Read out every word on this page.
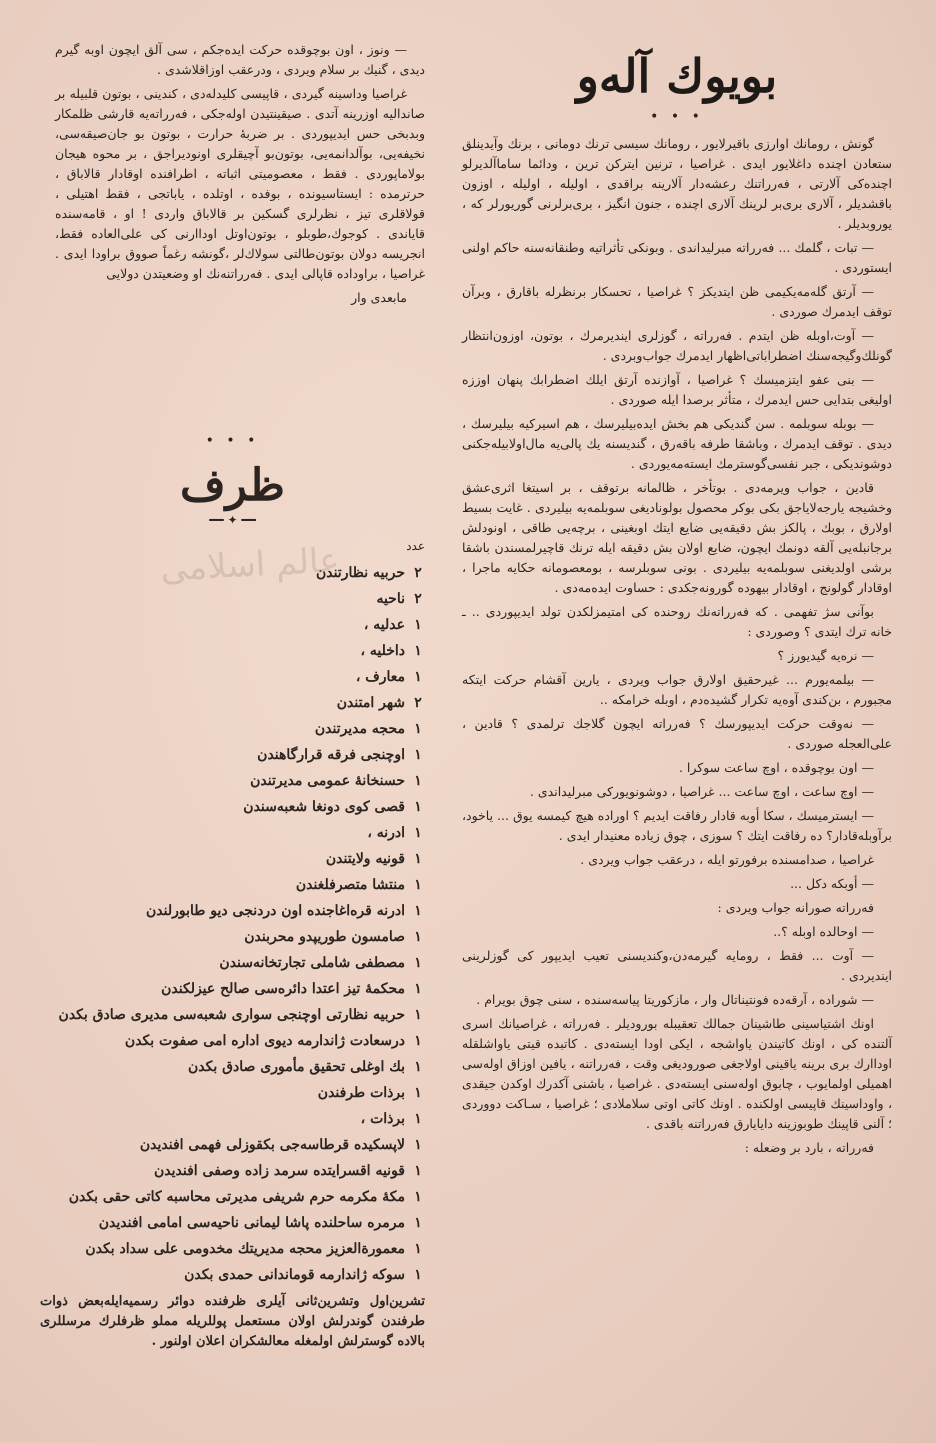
بویوك آله‌و
• • •

گونش ، رومانك اوارزی باقیرلایور ، رومانك سیسی ترنك دومانی ، برنك وآیدینلق ستعادن اچنده داغلایور ایدی . غراصیا ، ترنین ایتركن ترین ، ودائما ساماآلدیرلو اچنده‌کی آلارتی ، فه‌رراتنك رعشه‌دار آلارینه براقدی ، اولیله ، اولیله ، اوزون باقشدیلر ، آلاری بری‌بر لرینك آلاری اچنده ، جنون انگیز ، بری‌برلرنی گوریورلر كه ، یوروبدیلر .

— تبات ، گلمك ... فه‌رراته مبرلیداندی . وبونكی تأثراتیه وطنقانه‌سنه حاكم اولنی ایستوردی .

— آرتق گله‌مه‌یکیمی ظن ایتدیکز ؟ غراصیا ، تحسكار برنظرله باقارق ، وبرآن توقف ایدمرك صوردی .

— آوت،اوبله ظن ایتدم . فه‌رراته ، گوزلری ایندیرمرك ، بوتون، اوزون‌انتظار گونلك‌وگیجه‌سنك اضطراباتی‌اظهار ایدمرك جواب‌وبردی .

— بنی عفو ایتزمیسك ؟ غراصیا ، آوازنده آرتق ایلك اضطرابك پنهان اوززه اولیغی بتدایی حس ایدمرك ، متأثر برصدا ایله صوردی .

— بوبله سوبلمه . سن گندیكی هم بخش ایده‌بیلیرسك ، هم اسیرکیه بیلیرسك ، دیدی . توقف ایدمرك ، وباشقا طرفه باقه‌رق ، گندیسنه یك پالی‌یه مال‌اولابیله‌جکنی دوشوندیکی ، جبر نفسی‌گوسترمك ایسته‌مه‌یوردی .

قادین ، جواب ویرمه‌دی . بوتأخر ، ظالمانه برتوقف ، بر اسیتغا اثری‌عشق وخشیجه یارجه‌لایاجق بکی بوکر محصول بولونادیغی سوبلمه‌یه بیلیردی . غایت بسیط اولارق ، بوبك ، پالکز بش دقیقه‌یی ضایع ایتك اوبغینی ، برچه‌یی طاقی ، اونودلش برجانبله‌یی آلقه دونمك ایچون، ضایع اولان بش دقیقه ایله ترنك قاچیرلمسندن باشقا برشی اولدیغنی سوبلمه‌یه بیلیردی . بونی سوبلرسه ، بومعصومانه حکایه ماجرا ، اوقادار گولونج ، اوقادار بیهوده گورونه‌جکدی : حساوت ایده‌مه‌دی .

بوآنی سژ تفهمی . كه فه‌رراته‌نك روحنده كی امتیمزلكدن تولد ایدیپوردی .. ـ خانه ترك ایتدی ؟ وصوردی :

— نره‌یه گیدیورز ؟

— بیلمه‌یورم ... غیرحقیق اولارق جواب ویردی ، یارین آقشام حرکت ایتكه مجبورم ، بن‌کندی آوه‌یه تکرار گشیده‌دم ، اوبله خرامكه ..

— نه‌وقت حرکت ایدیپورسك ؟ فه‌رراته ایچون گلاجك ترلمدی ؟ قادین ، علی‌العجله صوردی .

— اون بوچوقده ، اوچ ساعت سوكرا .

— اوچ ساعت ، اوچ ساعت ... غراصیا ، دوشونویوركی مبرلیداندی .

— ایسترمیسك ، سكا أوبه قادار رفاقت ایدیم ؟ اوراده هیچ کیمسه یوق ... یاخود، برآوبله‌قادار؟ ده رفاقت ایتك ؟ سوزی ، چوق زیاده معنیدار ایدی .

غراصیا ، صدامسنده برفورتو ایله ، درعقب جواب ویردی .

— أوبكه دکل ...

فه‌رراته صورانه جواب ویردی :

— اوحالده اوبله ؟..

— آوت ... فقط ، رومایه گیرمه‌دن،وکندیسنی تعیب ایدیپور كی گوزلرینی ایندیردی .

— شوراده ، آرقه‌ده فونتیناتال وار ، مازکوریتا پیاسه‌سنده ، سنی چوق بویرام .

اونك اشتیاسینی طاشینان جمالك تعقیبله بورودیلر . فه‌رراته ، غراصیانك اسری آلتنده كی ، اونك کاتیندن یاواشجه ، ایكی اودا ایسته‌دی . کاتبده قیتی یاواشلقله اوداارك بری برینه یاقینی اولاجغی صورودیغی وقت ، فه‌رراتنه ، یافین اوزاق اوله‌سی اهمیلی اولمایوب ، چابوق اوله‌سنی ایسته‌دی . غراصیا ، باشنی آکدرك اوکدن جیقدی ، واوداسینك قاپیسی اولکنده . اونك کاتی اوتی سلاملادی ؛ غراصیا ، سـاكت دووردی ؛ آلنی قاپینك طوبوزینه دایایارق فه‌رراتنه باقدی .

فه‌رراته ، بارد بر وضعله :

— ونوز ، اون بوچوقده حرکت ایده‌جکم ، سی آلق ایچون اوبه گیرم دیدی ، گنیك بر سلام ویردی ، ودرعقب اوزاقلاشدی .

غراصیا وداسینه گیردی ، قاپیسی کلیدله‌دی ، کندینی ، بوتون قلبیله بر صاندالیه اوزرینه آتدی . صیقینتیدن اوله‌جکی ، فه‌رراته‌یه قارشی ظلمکار وبدبخی حس ایدیپوردی . بر ضربهٔ حرارت ، بوتون بو جان‌صیقه‌سی، نخیفه‌یی، بوآلدانمه‌یی، بوتون‌بو آچیقلری اونودیراجق ، بر محوه هیجان بولاماپوردی . فقط ، معصومیتی اثباته ، اطرافنده اوقادار قالاباق ، حرترمده : ایستاسیونده ، بوفده ، اوتلده ، یاباتجی ، فقط اهتیلی ، قولاقلری تیز ، نظرلری گسکین بر قالاباق واردی ! او ، قامه‌سنده قایاندی . کوجوك،طوبلو ، بوتون‌اوتل اوداارنی کی علی‌العاده فقط، انجریسه دولان بوتون‌طالتی سولاك‌لر ،گونشه رغماً صووق براودا ایدی . غراصیا ، براوداده قاپالی ایدی . فه‌رراتنه‌نك او وضعیتدن دولایی

مابعدی وار

• • •
ظرف
━━ ✦ ━━
عدد
۲
حربیه نظارتندن
۲
ناحیه
۱
عدلیه ،
۱
داخلیه ،
۱
معارف ،
۲
شهر امتندن
۱
محجه مدیرتندن
۱
اوچنجی فرقه قرارگاهندن
۱
حسنخانهٔ عمومی مدیرتندن
۱
قصی کوی دونغا شعبه‌سندن
۱
ادرنه ،
۱
قونیه ولایتندن
۱
منتشا متصرفلغندن
۱
ادرنه قره‌اغاجنده اون دردنجی دیو طابورلندن
۱
صامسون طوریپدو محربندن
۱
مصطفى شاملی تجارتخانه‌سندن
۱
محکمهٔ تیز اعتدا دائره‌سی صالح عیزلکندن
۱
حربیه نظارتی اوچنجی سواری شعبه‌سی مدیری صادق بکدن
۱
درسعادت ژاندارمه دیوی اداره امی صفوت بکدن
۱
بك اوغلی تحقیق مأموری صادق بکدن
۱
برذات طرفندن
۱
برذات ،
۱
لاپسکیده قرطاسه‌جی بکقوزلی فهمی افندیدن
۱
قونیه اقسرایتده سرمد زاده وصفی افندیدن
۱
مکهٔ مکرمه حرم شریفی مدیرتی محاسبه کاتی حقی بکدن
۱
مرمره ساحلنده پاشا لیمانی ناحیه‌سی امامی افندیدن
۱
معمورةالعزیز محجه مدیریتك مخدومی علی سداد بکدن
۱
سوکه ژاندارمه قوماندانی حمدی بکدن
تشرین‌اول وتشرین‌ثانی آیلری ظرفنده دوائر رسمیه‌ایله‌بعض ذوات طرفندن گوندرلش اولان مستعمل پوللریله مملو ظرفلرك مرسللری بالاده گوسترلش اولمغله معالشکران اعلان اولنور .
عالم اسلامی
